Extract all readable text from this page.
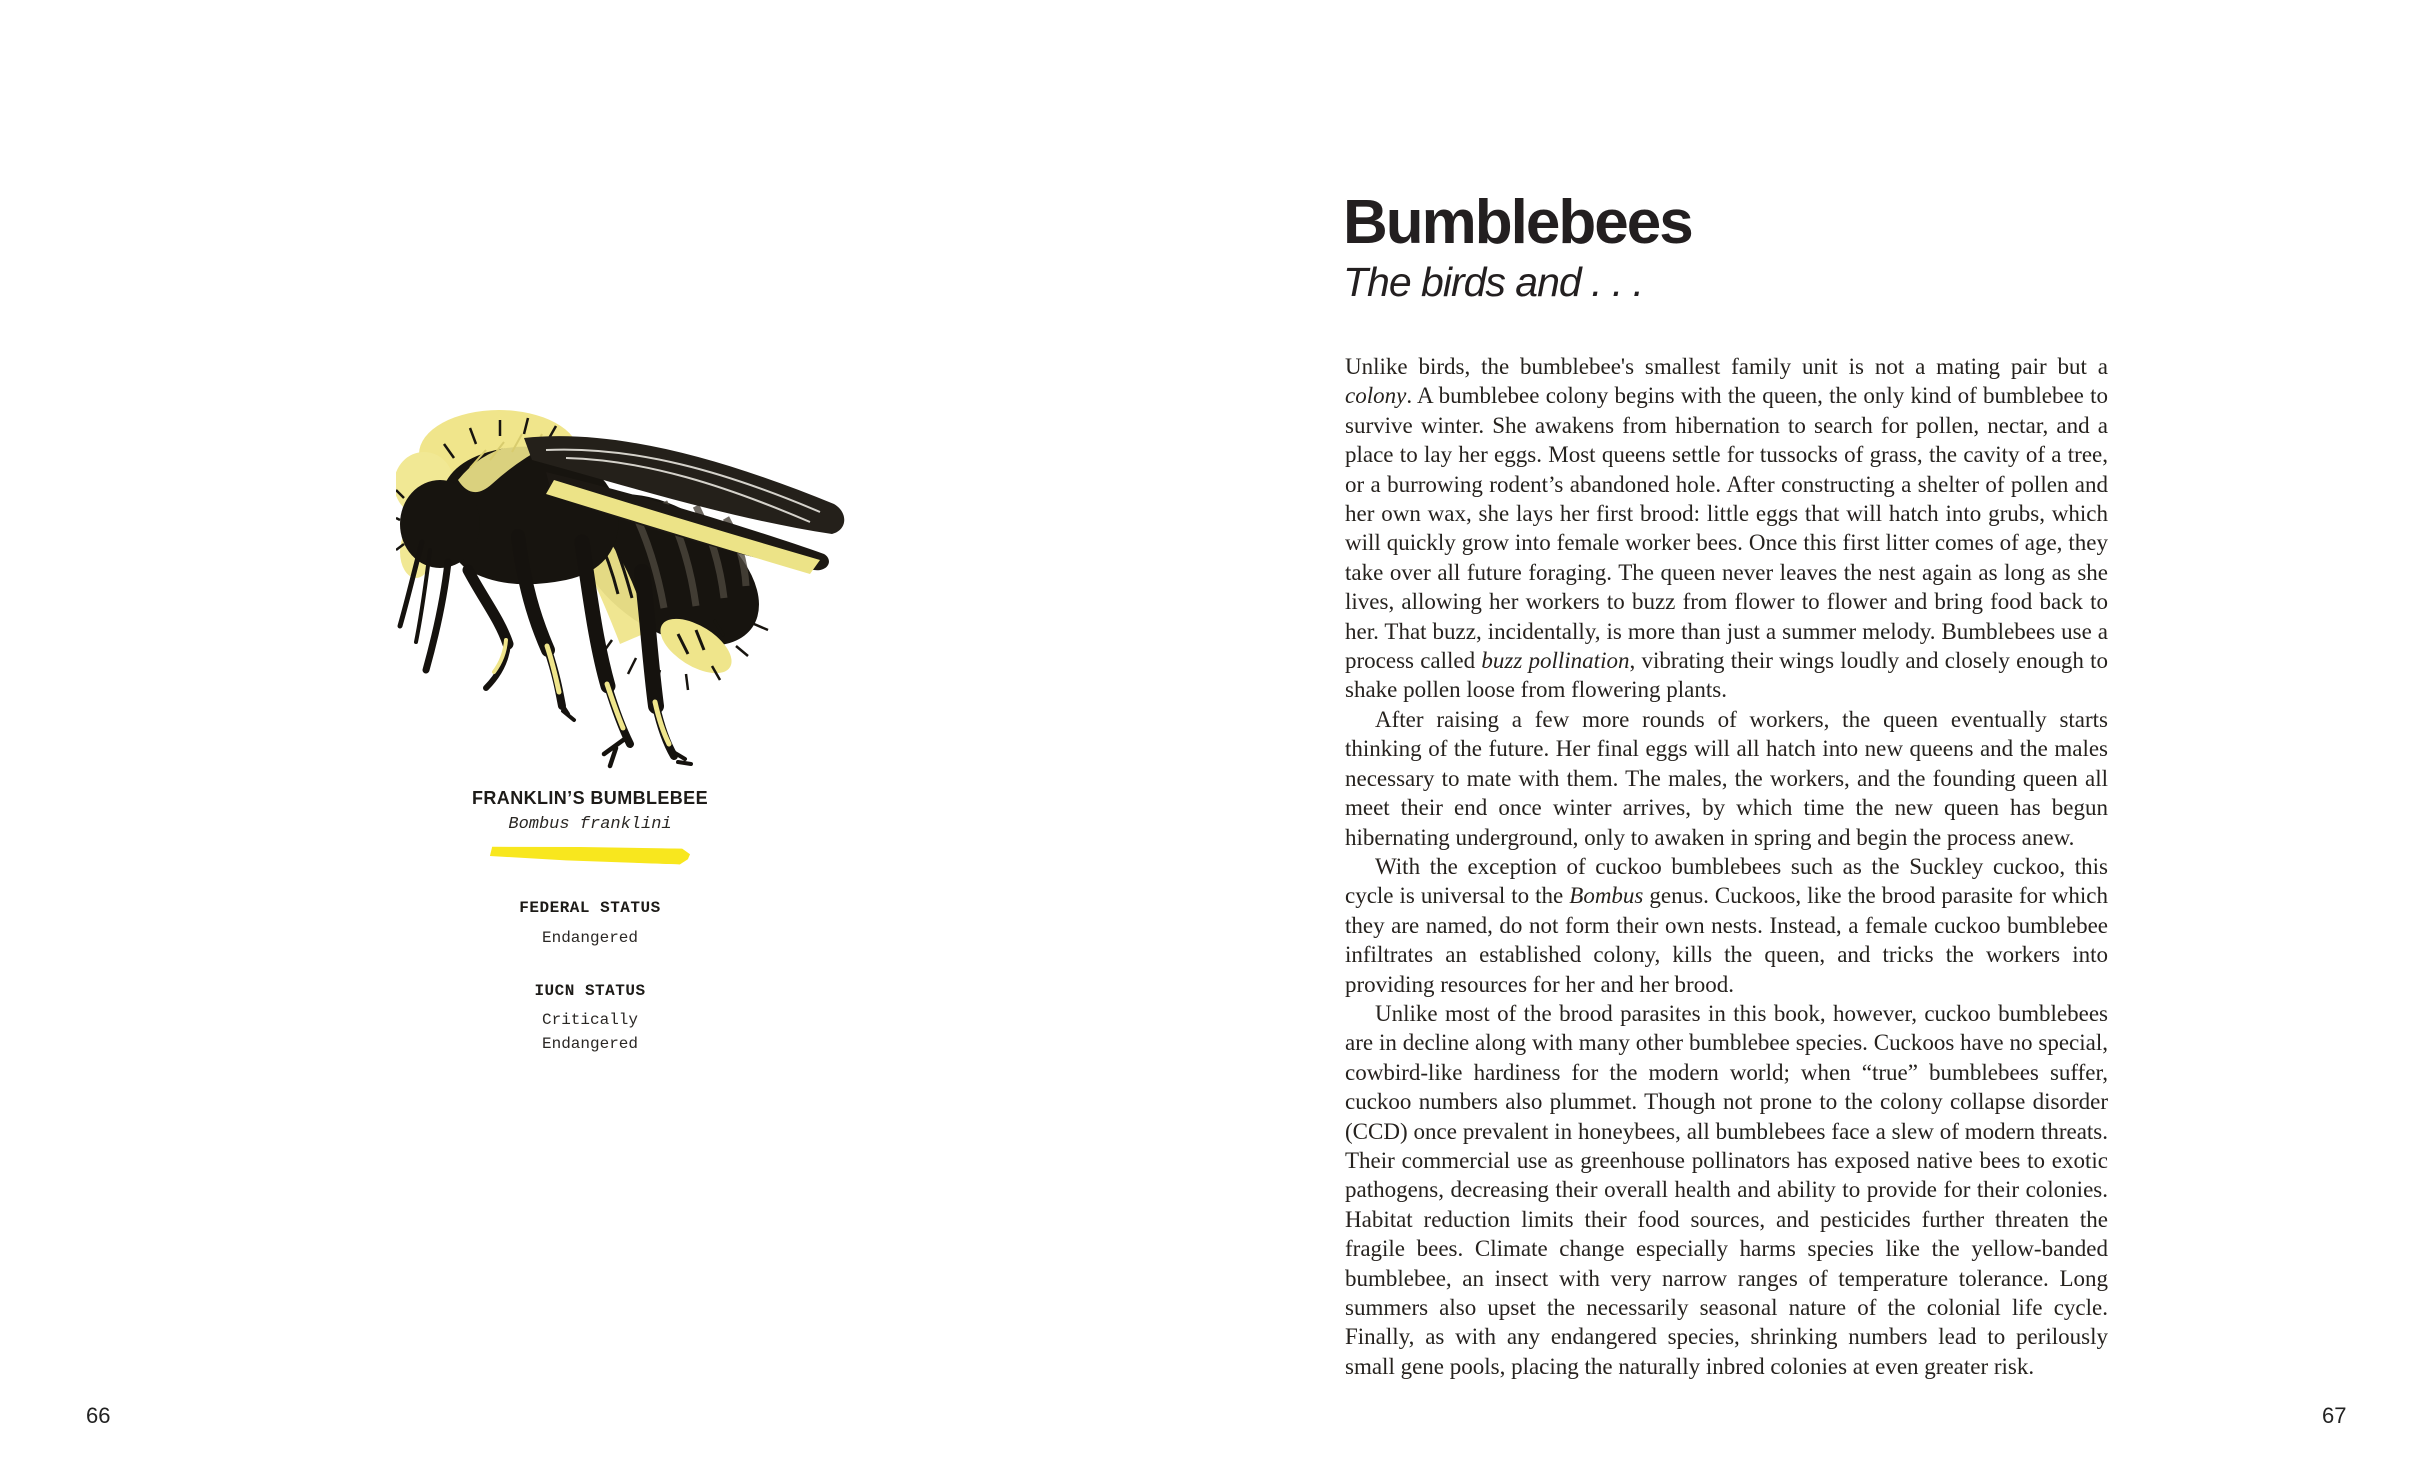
FRANKLIN’S BUMBLEBEE
Bombus franklini
FEDERAL STATUS
Endangered
IUCN STATUS
Critically
Endangered
66
Bumblebees
The birds and . . .

Unlike birds, the bumblebee's smallest family unit is not a mating pair but a colony. A bumblebee colony begins with the queen, the only kind of bumblebee to survive winter. She awakens from hibernation to search for pollen, nectar, and a place to lay her eggs. Most queens settle for tussocks of grass, the cavity of a tree, or a burrowing rodent’s abandoned hole. After constructing a shelter of pollen and her own wax, she lays her first brood: little eggs that will hatch into grubs, which will quickly grow into female worker bees. Once this first litter comes of age, they take over all future foraging. The queen never leaves the nest again as long as she lives, allowing her workers to buzz from flower to flower and bring food back to her. That buzz, incidentally, is more than just a summer melody. Bumblebees use a process called buzz pollination, vibrating their wings loudly and closely enough to shake pollen loose from flowering plants.

After raising a few more rounds of workers, the queen eventually starts thinking of the future. Her final eggs will all hatch into new queens and the males necessary to mate with them. The males, the workers, and the founding queen all meet their end once winter arrives, by which time the new queen has begun hibernating underground, only to awaken in spring and begin the process anew.

With the exception of cuckoo bumblebees such as the Suckley cuckoo, this cycle is universal to the Bombus genus. Cuckoos, like the brood parasite for which they are named, do not form their own nests. Instead, a female cuckoo bumblebee infiltrates an established colony, kills the queen, and tricks the workers into providing resources for her and her brood.

Unlike most of the brood parasites in this book, however, cuckoo bumblebees are in decline along with many other bumblebee species. Cuckoos have no special, cowbird-like hardiness for the modern world; when “true” bumblebees suffer, cuckoo numbers also plummet. Though not prone to the colony collapse disorder (CCD) once prevalent in honeybees, all bumblebees face a slew of modern threats. Their commercial use as greenhouse pollinators has exposed native bees to exotic pathogens, decreasing their overall health and ability to provide for their colonies. Habitat reduction limits their food sources, and pesticides further threaten the fragile bees. Climate change especially harms species like the yellow-banded bumblebee, an insect with very narrow ranges of temperature tolerance. Long summers also upset the necessarily seasonal nature of the colonial life cycle. Finally, as with any endangered species, shrinking numbers lead to perilously small gene pools, placing the naturally inbred colonies at even greater risk.

67
